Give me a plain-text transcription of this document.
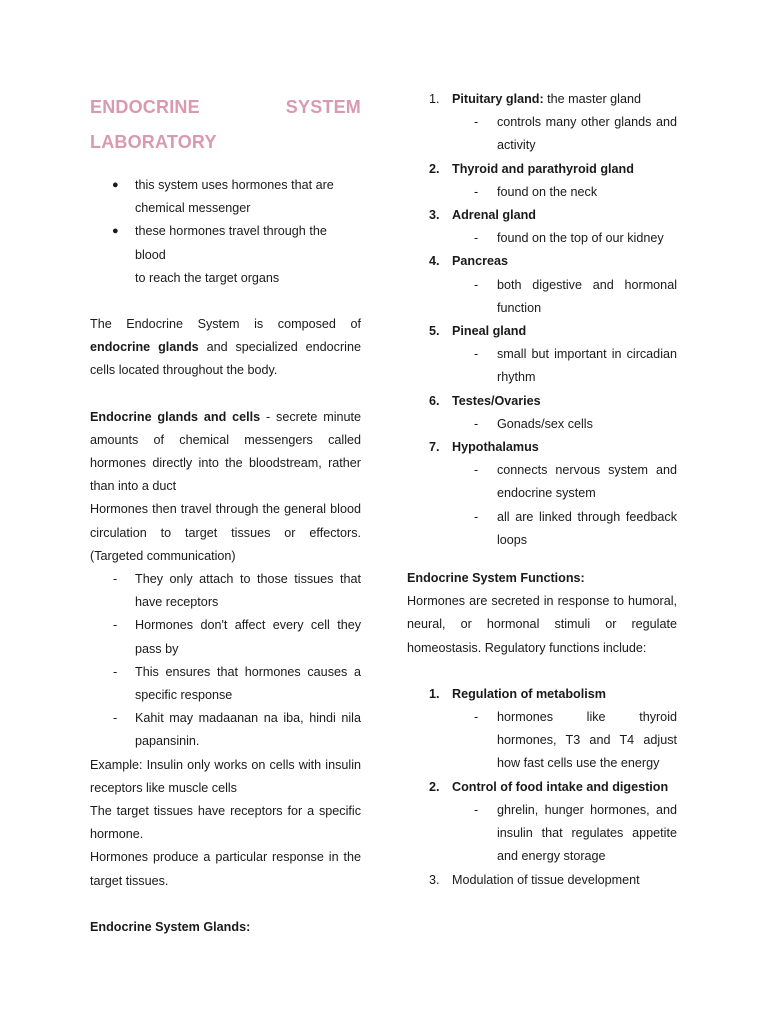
ENDOCRINE	SYSTEM
LABORATORY
● this system uses hormones that are
chemical messenger
● these hormones travel through the blood
to reach the target organs
The Endocrine System is composed of
endocrine glands and specialized endocrine
cells located throughout the body.
Endocrine glands and cells - secrete minute
amounts of chemical messengers called
hormones directly into the bloodstream, rather
than into a duct
Hormones then travel through the general blood
circulation to target tissues or effectors.
(Targeted communication)
- They only attach to those tissues that
have receptors
- Hormones don't affect every cell they
pass by
- This ensures that hormones causes a
specific response
- Kahit may madaanan na iba, hindi nila
papansinin.
Example: Insulin only works on cells with insulin
receptors like muscle cells
The target tissues have receptors for a specific
hormone.
Hormones produce a particular response in the
target tissues.
Endocrine System Glands:
1. Pituitary gland: the master gland
- controls many other glands and
activity
2. Thyroid and parathyroid gland
- found on the neck
3. Adrenal gland
- found on the top of our kidney
4. Pancreas
- both digestive and hormonal
function
5. Pineal gland
- small but important in circadian
rhythm
6. Testes/Ovaries
- Gonads/sex cells
7. Hypothalamus
- connects nervous system and
endocrine system
- all are linked through feedback
loops
Endocrine System Functions:
Hormones are secreted in response to humoral,
neural, or hormonal stimuli or regulate
homeostasis. Regulatory functions include:
1. Regulation of metabolism
- hormones like thyroid
hormones, T3 and T4 adjust
how fast cells use the energy
2. Control of food intake and digestion
- ghrelin, hunger hormones, and
insulin that regulates appetite
and energy storage
3. Modulation of tissue development
